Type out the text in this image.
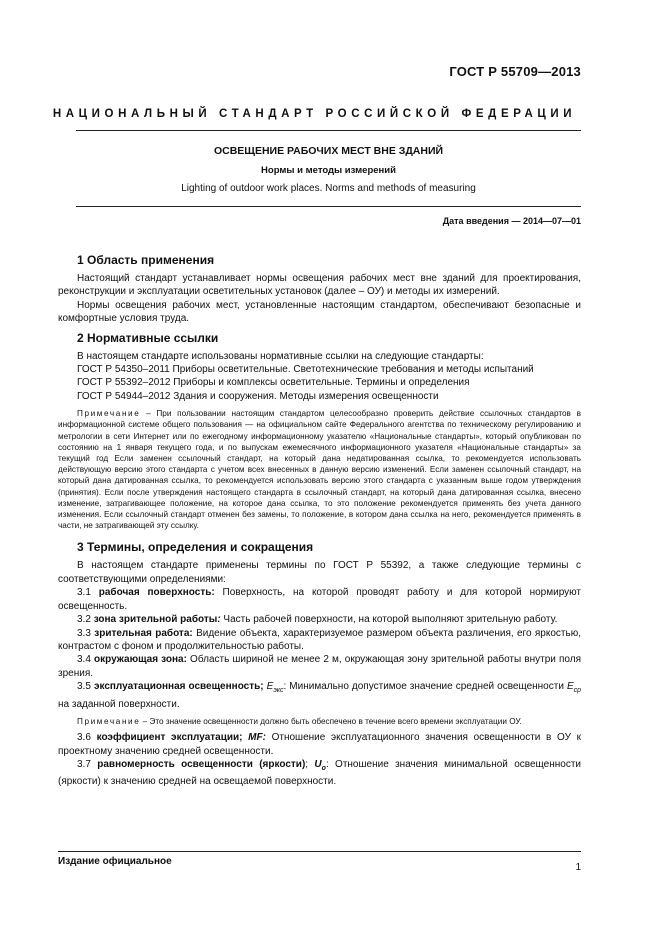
ГОСТ Р 55709—2013
НАЦИОНАЛЬНЫЙ СТАНДАРТ РОССИЙСКОЙ ФЕДЕРАЦИИ
ОСВЕЩЕНИЕ РАБОЧИХ МЕСТ ВНЕ ЗДАНИЙ
Нормы и методы измерений
Lighting of outdoor work places. Norms and methods of measuring
Дата введения — 2014—07—01
1 Область применения

Настоящий стандарт устанавливает нормы освещения рабочих мест вне зданий для проектирования, реконструкции и эксплуатации осветительных установок (далее – ОУ) и методы их измерений.

Нормы освещения рабочих мест, установленные настоящим стандартом, обеспечивают безопасные и комфортные условия труда.

2 Нормативные ссылки

В настоящем стандарте использованы нормативные ссылки на следующие стандарты:

ГОСТ Р 54350–2011 Приборы осветительные. Светотехнические требования и методы испытаний

ГОСТ Р 55392–2012 Приборы и комплексы осветительные. Термины и определения

ГОСТ Р 54944–2012 Здания и сооружения. Методы измерения освещенности

Примечание – При пользовании настоящим стандартом целесообразно проверить действие ссылочных стандартов в информационной системе общего пользования — на официальном сайте Федерального агентства по техническому регулированию и метрологии в сети Интернет или по ежегодному информационному указателю «Национальные стандарты», который опубликован по состоянию на 1 января текущего года, и по выпускам ежемесячного информационного указателя «Национальные стандарты» за текущий год Если заменен ссылочный стандарт, на который дана недатированная ссылка, то рекомендуется использовать действующую версию этого стандарта с учетом всех внесенных в данную версию изменений. Если заменен ссылочный стандарт, на который дана датированная ссылка, то рекомендуется использовать версию этого стандарта с указанным выше годом утверждения (принятия). Если после утверждения настоящего стандарта в ссылочный стандарт, на который дана датированная ссылка, внесено изменение, затрагивающее положение, на которое дана ссылка, то это положение рекомендуется применять без учета данного изменения. Если ссылочный стандарт отменен без замены, то положение, в котором дана ссылка на него, рекомендуется применять в части, не затрагивающей эту ссылку.

3 Термины, определения и сокращения

В настоящем стандарте применены термины по ГОСТ Р 55392, а также следующие термины с соответствующими определениями:

3.1 рабочая поверхность: Поверхность, на которой проводят работу и для которой нормируют освещенность.

3.2 зона зрительной работы: Часть рабочей поверхности, на которой выполняют зрительную работу.

3.3 зрительная работа: Видение объекта, характеризуемое размером объекта различения, его яркостью, контрастом с фоном и продолжительностью работы.

3.4 окружающая зона: Область шириной не менее 2 м, окружающая зону зрительной работы внутри поля зрения.

3.5 эксплуатационная освещенность; $E_{экс}$: Минимально допустимое значение средней освещенности $E_{ср}$ на заданной поверхности.

Примечание – Это значение освещенности должно быть обеспечено в течение всего времени эксплуатации ОУ.

3.6 коэффициент эксплуатации; MF: Отношение эксплуатационного значения освещенности в ОУ к проектному значению средней освещенности.

3.7 равномерность освещенности (яркости); $U_o$: Отношение значения минимальной освещенности (яркости) к значению средней на освещаемой поверхности.

Издание официальное
1
